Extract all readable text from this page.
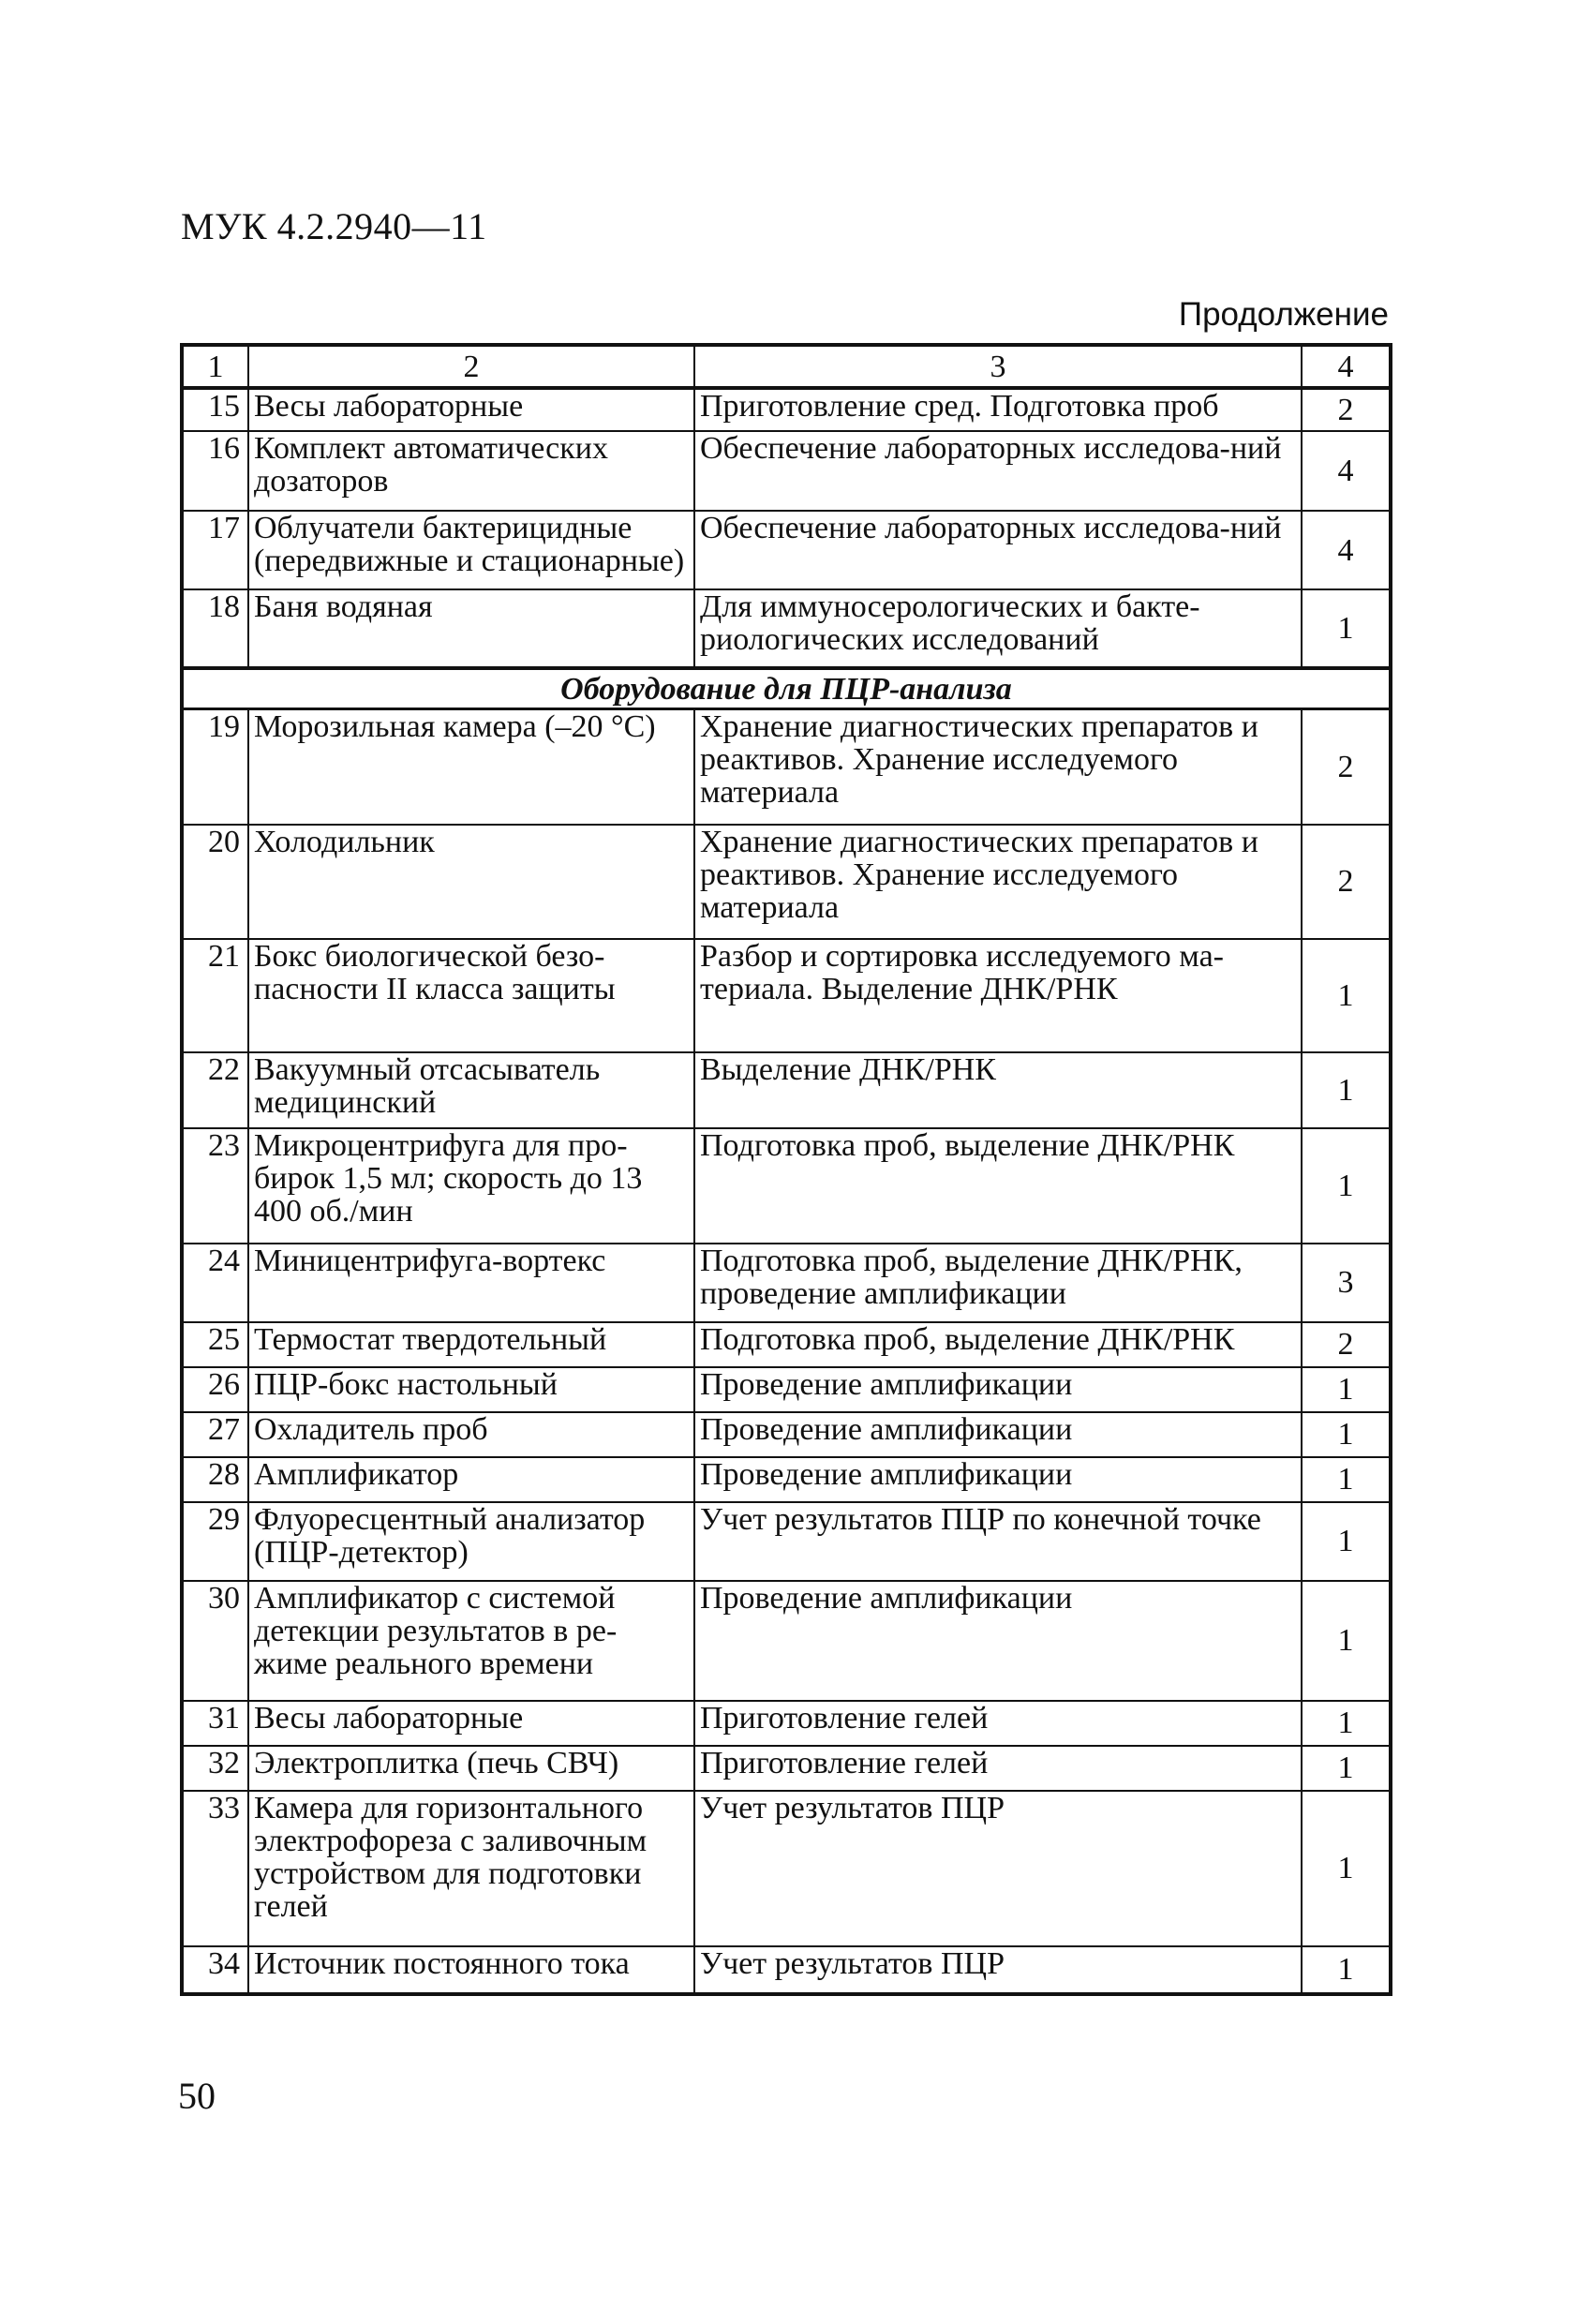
МУК 4.2.2940—11
Продолжение
1	2	3	4
15	Весы лабораторные	Приготовление сред. Подготовка проб	2
16	Комплект автоматических дозаторов	Обеспечение лабораторных исследова-ний	4
17	Облучатели бактерицидные (передвижные и стационарные)	Обеспечение лабораторных исследова-ний	4
18	Баня водяная	Для иммуносерологических и бакте-риологических исследований	1
Оборудование для ПЦР-анализа			
19	Морозильная камера (–20 °С)	Хранение диагностических препаратов и реактивов. Хранение исследуемого материала	2
20	Холодильник	Хранение диагностических препаратов и реактивов. Хранение исследуемого материала	2
21	Бокс биологической безо-пасности II класса защиты	Разбор и сортировка исследуемого ма-териала. Выделение ДНК/РНК	1
22	Вакуумный отсасыватель медицинский	Выделение ДНК/РНК	1
23	Микроцентрифуга для про-бирок 1,5 мл; скорость до 13 400 об./мин	Подготовка проб, выделение ДНК/РНК	1
24	Миницентрифуга-вортекс	Подготовка проб, выделение ДНК/РНК, проведение амплификации	3
25	Термостат твердотельный	Подготовка проб, выделение ДНК/РНК	2
26	ПЦР-бокс настольный	Проведение амплификации	1
27	Охладитель проб	Проведение амплификации	1
28	Амплификатор	Проведение амплификации	1
29	Флуоресцентный анализатор (ПЦР-детектор)	Учет результатов ПЦР по конечной точке	1
30	Амплификатор с системой детекции результатов в ре-жиме реального времени	Проведение амплификации	1
31	Весы лабораторные	Приготовление гелей	1
32	Электроплитка (печь СВЧ)	Приготовление гелей	1
33	Камера для горизонтального электрофореза с заливочным устройством для подготовки гелей	Учет результатов ПЦР	1
34	Источник постоянного тока	Учет результатов ПЦР	1
50
